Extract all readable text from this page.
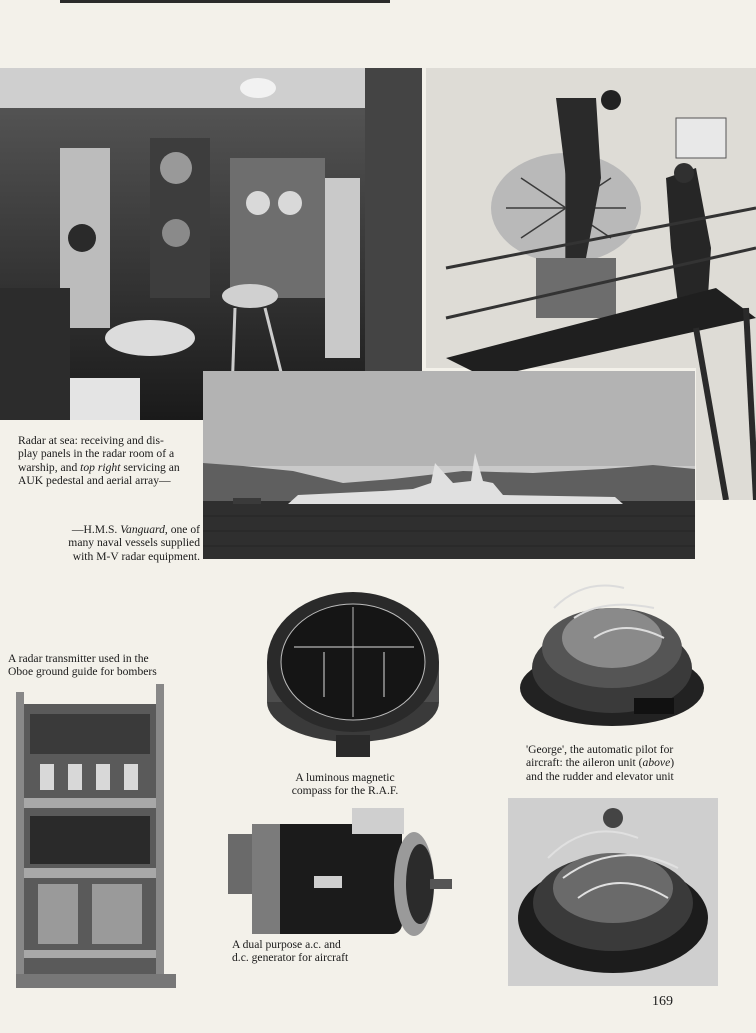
Radar at sea: receiving and dis-
play panels in the radar room of a
warship, and top right servicing an
AUK pedestal and aerial array—
—H.M.S. Vanguard, one of
many naval vessels supplied
with M-V radar equipment.
A radar transmitter used in the
Oboe ground guide for bombers
A luminous magnetic
compass for the R.A.F.
'George', the automatic pilot for
aircraft: the aileron unit (above)
and the rudder and elevator unit
A dual purpose a.c. and
d.c. generator for aircraft
169
